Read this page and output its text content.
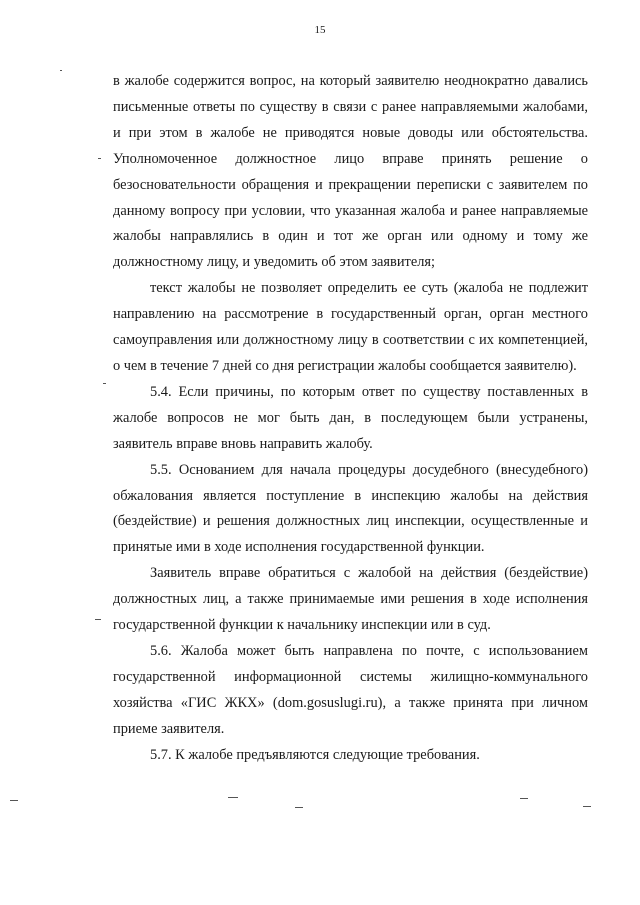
15

в жалобе содержится вопрос, на который заявителю неоднократно давались письменные ответы по существу в связи с ранее направляемыми жалобами, и при этом в жалобе не приводятся новые доводы или обстоятельства. Уполномоченное должностное лицо вправе принять решение о безосновательности обращения и прекращении переписки с заявителем по данному вопросу при условии, что указанная жалоба и ранее направляемые жалобы направлялись в один и тот же орган или одному и тому же должностному лицу, и уведомить об этом заявителя;

текст жалобы не позволяет определить ее суть (жалоба не подлежит направлению на рассмотрение в государственный орган, орган местного самоуправления или должностному лицу в соответствии с их компетенцией, о чем в течение 7 дней со дня регистрации жалобы сообщается заявителю).

5.4. Если причины, по которым ответ по существу поставленных в жалобе вопросов не мог быть дан, в последующем были устранены, заявитель вправе вновь направить жалобу.

5.5. Основанием для начала процедуры досудебного (внесудебного) обжалования является поступление в инспекцию жалобы на действия (бездействие) и решения должностных лиц инспекции, осуществленные и принятые ими в ходе исполнения государственной функции.

Заявитель вправе обратиться с жалобой на действия (бездействие) должностных лиц, а также принимаемые ими решения в ходе исполнения государственной функции к начальнику инспекции или в суд.

5.6. Жалоба может быть направлена по почте, с использованием государственной информационной системы жилищно-коммунального хозяйства «ГИС ЖКХ» (dom.gosuslugi.ru), а также принята при личном приеме заявителя.

5.7. К жалобе предъявляются следующие требования.
